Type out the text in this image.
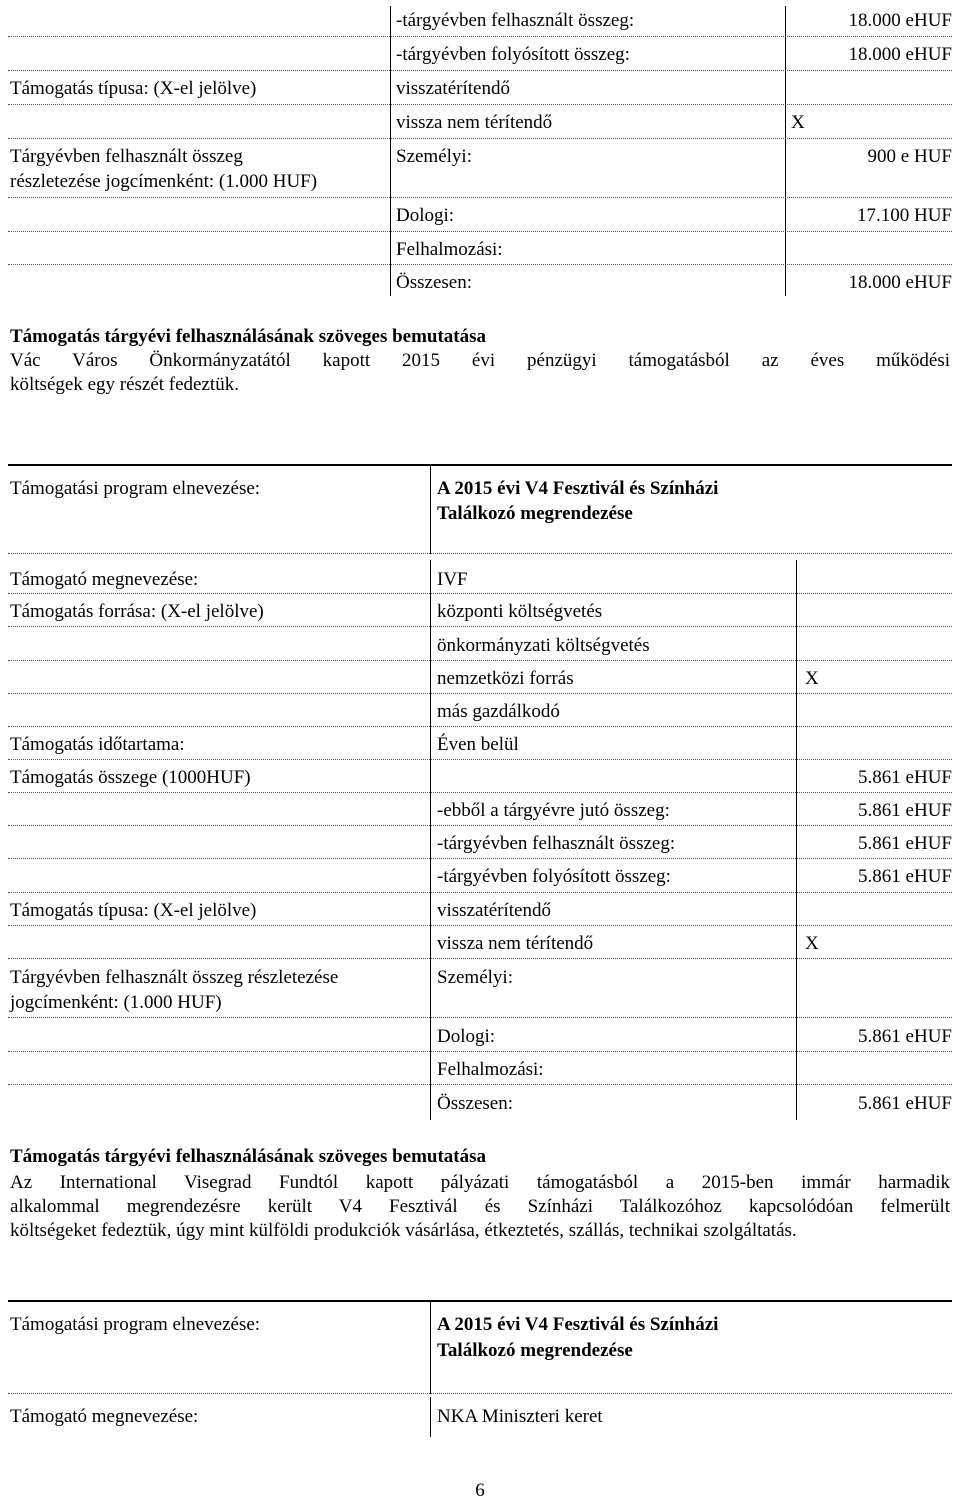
-tárgyévben felhasznált összeg:	18.000 eHUF
-tárgyévben folyósított összeg:	18.000 eHUF
Támogatás típusa: (X-el jelölve)	visszatérítendő
vissza nem térítendő	X
Tárgyévben felhasznált összeg	Személyi:	900 e HUF
részletezése jogcímenként: (1.000 HUF)
Dologi:	17.100 HUF
Felhalmozási:
Összesen:	18.000 eHUF
Támogatás tárgyévi felhasználásának szöveges bemutatása
Vác Város Önkormányzatától kapott 2015 évi pénzügyi támogatásból az éves működési
költségek egy részét fedeztük.
Támogatási program elnevezése:	A 2015 évi V4 Fesztivál és Színházi
Találkozó megrendezése
Támogató megnevezése:	IVF
Támogatás forrása: (X-el jelölve)	központi költségvetés
önkormányzati költségvetés
nemzetközi forrás	X
más gazdálkodó
Támogatás időtartama:	Éven belül
Támogatás összege (1000HUF)	5.861 eHUF
-ebből a tárgyévre jutó összeg:	5.861 eHUF
-tárgyévben felhasznált összeg:	5.861 eHUF
-tárgyévben folyósított összeg:	5.861 eHUF
Támogatás típusa: (X-el jelölve)	visszatérítendő
vissza nem térítendő	X
Tárgyévben felhasznált összeg részletezése	Személyi:
jogcímenként: (1.000 HUF)
Dologi:	5.861 eHUF
Felhalmozási:
Összesen:	5.861 eHUF
Támogatás tárgyévi felhasználásának szöveges bemutatása
Az International Visegrad Fundtól kapott pályázati támogatásból a 2015-ben immár harmadik
alkalommal megrendezésre került V4 Fesztivál és Színházi Találkozóhoz kapcsolódóan felmerült
költségeket fedeztük, úgy mint külföldi produkciók vásárlása, étkeztetés, szállás, technikai szolgáltatás.
Támogatási program elnevezése:	A 2015 évi V4 Fesztivál és Színházi
Találkozó megrendezése
Támogató megnevezése:	NKA Miniszteri keret
6
